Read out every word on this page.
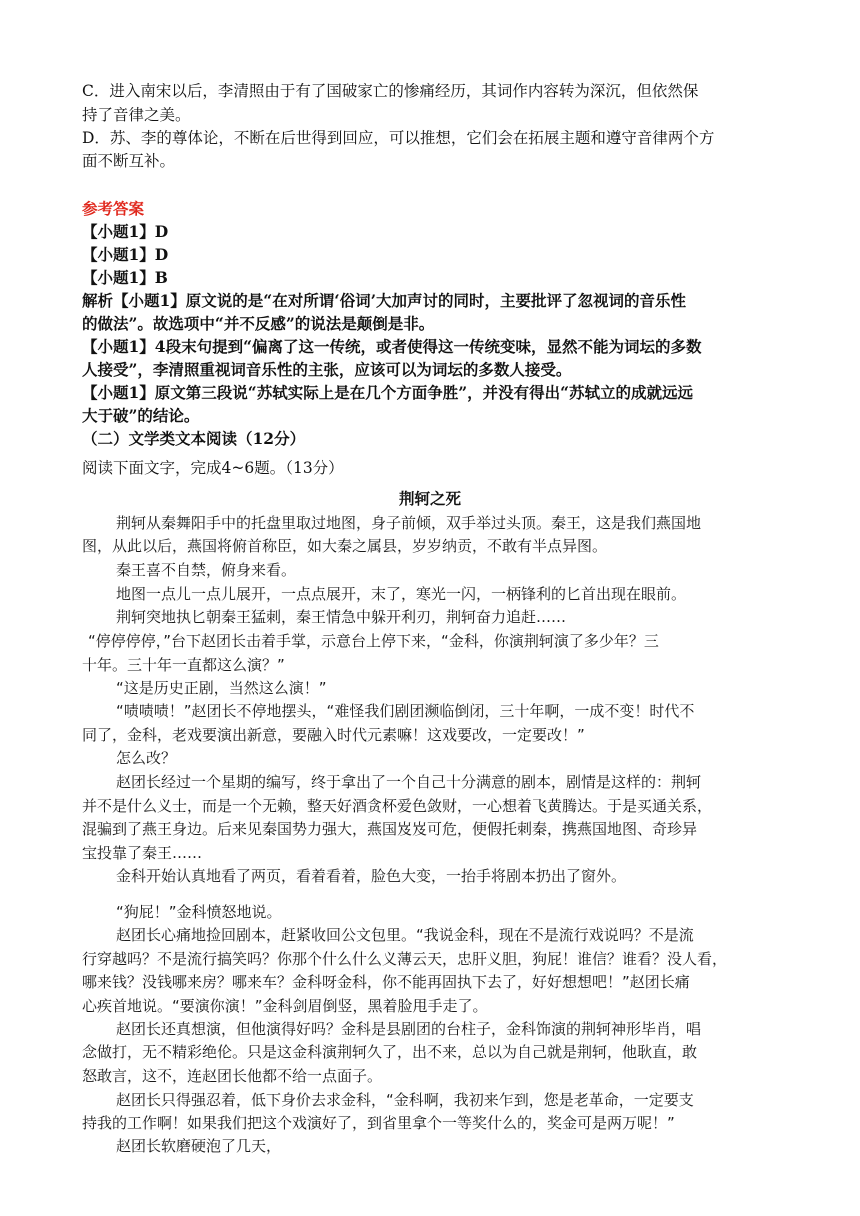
C．进入南宋以后，李清照由于有了国破家亡的惨痛经历，其词作内容转为深沉，但依然保
持了音律之美。
D．苏、李的尊体论，不断在后世得到回应，可以推想，它们会在拓展主题和遵守音律两个方
面不断互补。
参考答案
【小题1】D
【小题1】D
【小题1】B
解析【小题1】原文说的是“在对所谓‘俗词’大加声讨的同时，主要批评了忽视词的音乐性
的做法”。故选项中“并不反感”的说法是颠倒是非。
【小题1】4段末句提到“偏离了这一传统，或者使得这一传统变味，显然不能为词坛的多数
人接受”，李清照重视词音乐性的主张，应该可以为词坛的多数人接受。
【小题1】原文第三段说“苏轼实际上是在几个方面争胜”，并没有得出“苏轼立的成就远远
大于破”的结论。
（二）文学类文本阅读（12分）
阅读下面文字，完成4~6题。（13分）
荆轲之死
荆轲从秦舞阳手中的托盘里取过地图，身子前倾，双手举过头顶。秦王，这是我们燕国地
图，从此以后，燕国将俯首称臣，如大秦之属县，岁岁纳贡，不敢有半点异图。
秦王喜不自禁，俯身来看。
地图一点儿一点儿展开，一点点展开，末了，寒光一闪，一柄锋利的匕首出现在眼前。
荆轲突地执匕朝秦王猛刺，秦王情急中躲开利刃，荆轲奋力追赶……
“停停停停，”台下赵团长击着手掌，示意台上停下来，“金科，你演荆轲演了多少年？三
十年。三十年一直都这么演？”
“这是历史正剧，当然这么演！”
“啧啧啧！”赵团长不停地摆头，“难怪我们剧团濒临倒闭，三十年啊，一成不变！时代不
同了，金科，老戏要演出新意，要融入时代元素嘛！这戏要改，一定要改！”
怎么改？
赵团长经过一个星期的编写，终于拿出了一个自己十分满意的剧本，剧情是这样的：荆轲
并不是什么义士，而是一个无赖，整天好酒贪杯爱色敛财，一心想着飞黄腾达。于是买通关系，
混骗到了燕王身边。后来见秦国势力强大，燕国岌岌可危，便假托刺秦，携燕国地图、奇珍异
宝投靠了秦王……
金科开始认真地看了两页，看着看着，脸色大变，一抬手将剧本扔出了窗外。
“狗屁！”金科愤怒地说。
赵团长心痛地捡回剧本，赶紧收回公文包里。“我说金科，现在不是流行戏说吗？不是流
行穿越吗？不是流行搞笑吗？你那个什么什么义薄云天，忠肝义胆，狗屁！谁信？谁看？没人看，
哪来钱？没钱哪来房？哪来车？金科呀金科，你不能再固执下去了，好好想想吧！”赵团长痛
心疾首地说。“要演你演！”金科剑眉倒竖，黑着脸甩手走了。
赵团长还真想演，但他演得好吗？金科是县剧团的台柱子，金科饰演的荆轲神形毕肖，唱
念做打，无不精彩绝伦。只是这金科演荆轲久了，出不来，总以为自己就是荆轲，他耿直，敢
怒敢言，这不，连赵团长他都不给一点面子。
赵团长只得强忍着，低下身价去求金科，“金科啊，我初来乍到，您是老革命，一定要支
持我的工作啊！如果我们把这个戏演好了，到省里拿个一等奖什么的，奖金可是两万呢！”
赵团长软磨硬泡了几天，
